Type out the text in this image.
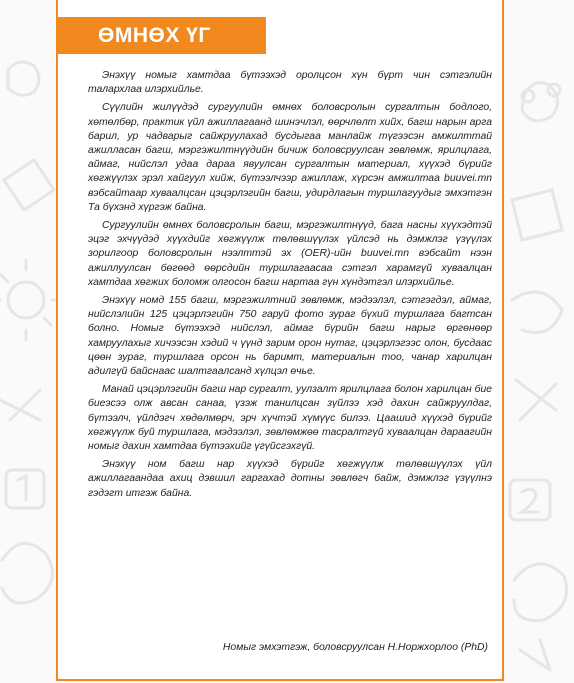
ӨМНӨХ ҮГ

Энэхүү номыг хамтдаа бүтээхэд оролцсон хүн бүрт чин сэтгэлийн талархлаа илэрхийлье.

Сүүлийн жилүүдэд сургуулийн өмнөх боловсролын сургалтын бодлого, хөтөлбөр, практик үйл ажиллагаанд шинэчлэл, өөрчлөлт хийх, багш нарын арга барил, ур чадварыг сайжруулахад бусдыгаа манлайж түгээсэн амжилттай ажилласан багш, мэргэжилтнүүдийн бичиж боловсруулсан зөвлөмж, ярилцлага, аймаг, нийслэл удаа дараа явуулсан сургалтын материал, хүүхэд бүрийг хөгжүүлэх эрэл хайгуул хийж, бүтээлчээр ажиллаж, хүрсэн амжилтаа buuvei.mn вэбсайтаар хуваалцсан цэцэрлэгийн багш, удирдлагын туршлагуудыг эмхэтгэн Та бүхэнд хүргэж байна.

Сургуулийн өмнөх боловсролын багш, мэргэжилтнүүд, бага насны хүүхэдтэй эцэг эхчүүдэд хүүхдийг хөгжүүлж төлөвшүүлэх үйлсэд нь дэмжлэг үзүүлэх зорилгоор боловсролын нээлттэй эх (OER)-ийн buuvei.mn вэбсайт нээн ажиллуулсан бөгөөд өөрсдийн туршлагаасаа сэтгэл харамгүй хуваалцан хамтдаа хөгжих боломж олгосон багш нартаа гүн хүндэтгэл илэрхийлье.

Энэхүү номд 155 багш, мэргэжилтний зөвлөмж, мэдээлэл, сэтгэгдэл, аймаг, нийслэлийн 125 цэцэрлэгийн 750 гаруй фото зураг бүхий туршлага багтсан болно. Номыг бүтээхэд нийслэл, аймаг бүрийн багш нарыг өргөнөөр хамруулахыг хичээсэн хэдий ч үүнд зарим орон нутаг, цэцэрлэгээс олон, бусдаас цөөн зураг, туршлага орсон нь баримт, материалын тоо, чанар харилцан адилгүй байснаас шалтгаалсанд хүлцэл өчье.

Манай цэцэрлэгийн багш нар сургалт, уулзалт ярилцлага болон харилцан бие биеэсээ олж авсан санаа, үзэж танилцсан зүйлээ хэд дахин сайжруулдаг, бүтээлч, үйлдэгч хөдөлмөрч, эрч хүчтэй хүмүүс билээ. Цаашид хүүхэд бүрийг хөгжүүлж буй туршлага, мэдээлэл, зөвлөмжөө тасралтгүй хуваалцан дараагийн номыг дахин хамтдаа бүтээхийг үгүйсгэхгүй.

Энэхүү ном багш нар хүүхэд бүрийг хөгжүүлж төлөвшүүлэх үйл ажиллагаандаа ахиц дэвшил гаргахад дотны зөвлөгч байж, дэмжлэг үзүүлнэ гэдэгт итгэж байна.

Номыг эмхэтгэж, боловсруулсан Н.Норжхорлоо (PhD)
